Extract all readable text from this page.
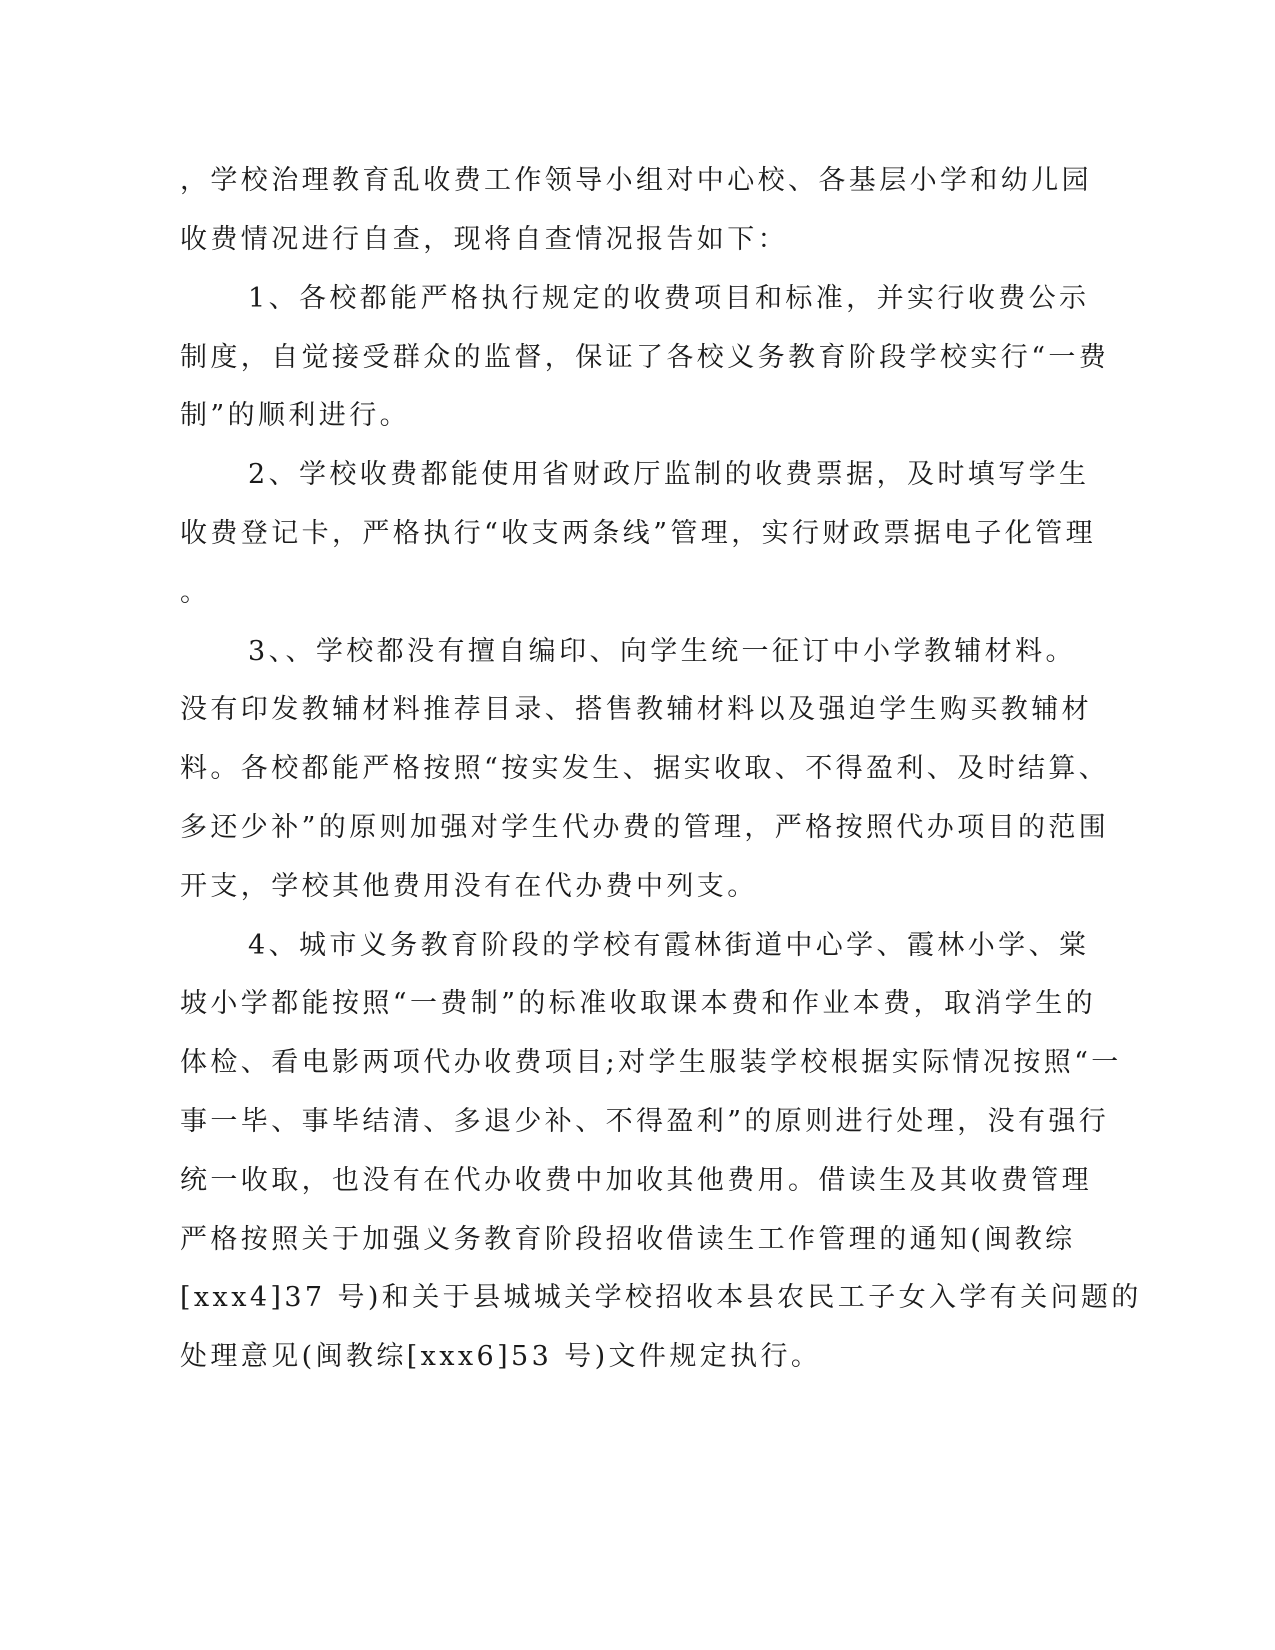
，学校治理教育乱收费工作领导小组对中心校、各基层小学和幼儿园
收费情况进行自查，现将自查情况报告如下：
1、各校都能严格执行规定的收费项目和标准，并实行收费公示
制度，自觉接受群众的监督，保证了各校义务教育阶段学校实行“一费
制”的顺利进行。
2、学校收费都能使用省财政厅监制的收费票据，及时填写学生
收费登记卡，严格执行“收支两条线”管理，实行财政票据电子化管理
。
3、、学校都没有擅自编印、向学生统一征订中小学教辅材料。
没有印发教辅材料推荐目录、搭售教辅材料以及强迫学生购买教辅材
料。各校都能严格按照“按实发生、据实收取、不得盈利、及时结算、
多还少补”的原则加强对学生代办费的管理，严格按照代办项目的范围
开支，学校其他费用没有在代办费中列支。
4、城市义务教育阶段的学校有霞林街道中心学、霞林小学、棠
坡小学都能按照“一费制”的标准收取课本费和作业本费，取消学生的
体检、看电影两项代办收费项目;对学生服装学校根据实际情况按照“一
事一毕、事毕结清、多退少补、不得盈利”的原则进行处理，没有强行
统一收取，也没有在代办收费中加收其他费用。借读生及其收费管理
严格按照关于加强义务教育阶段招收借读生工作管理的通知(闽教综
[xxx4]37 号)和关于县城城关学校招收本县农民工子女入学有关问题的
处理意见(闽教综[xxx6]53 号)文件规定执行。
